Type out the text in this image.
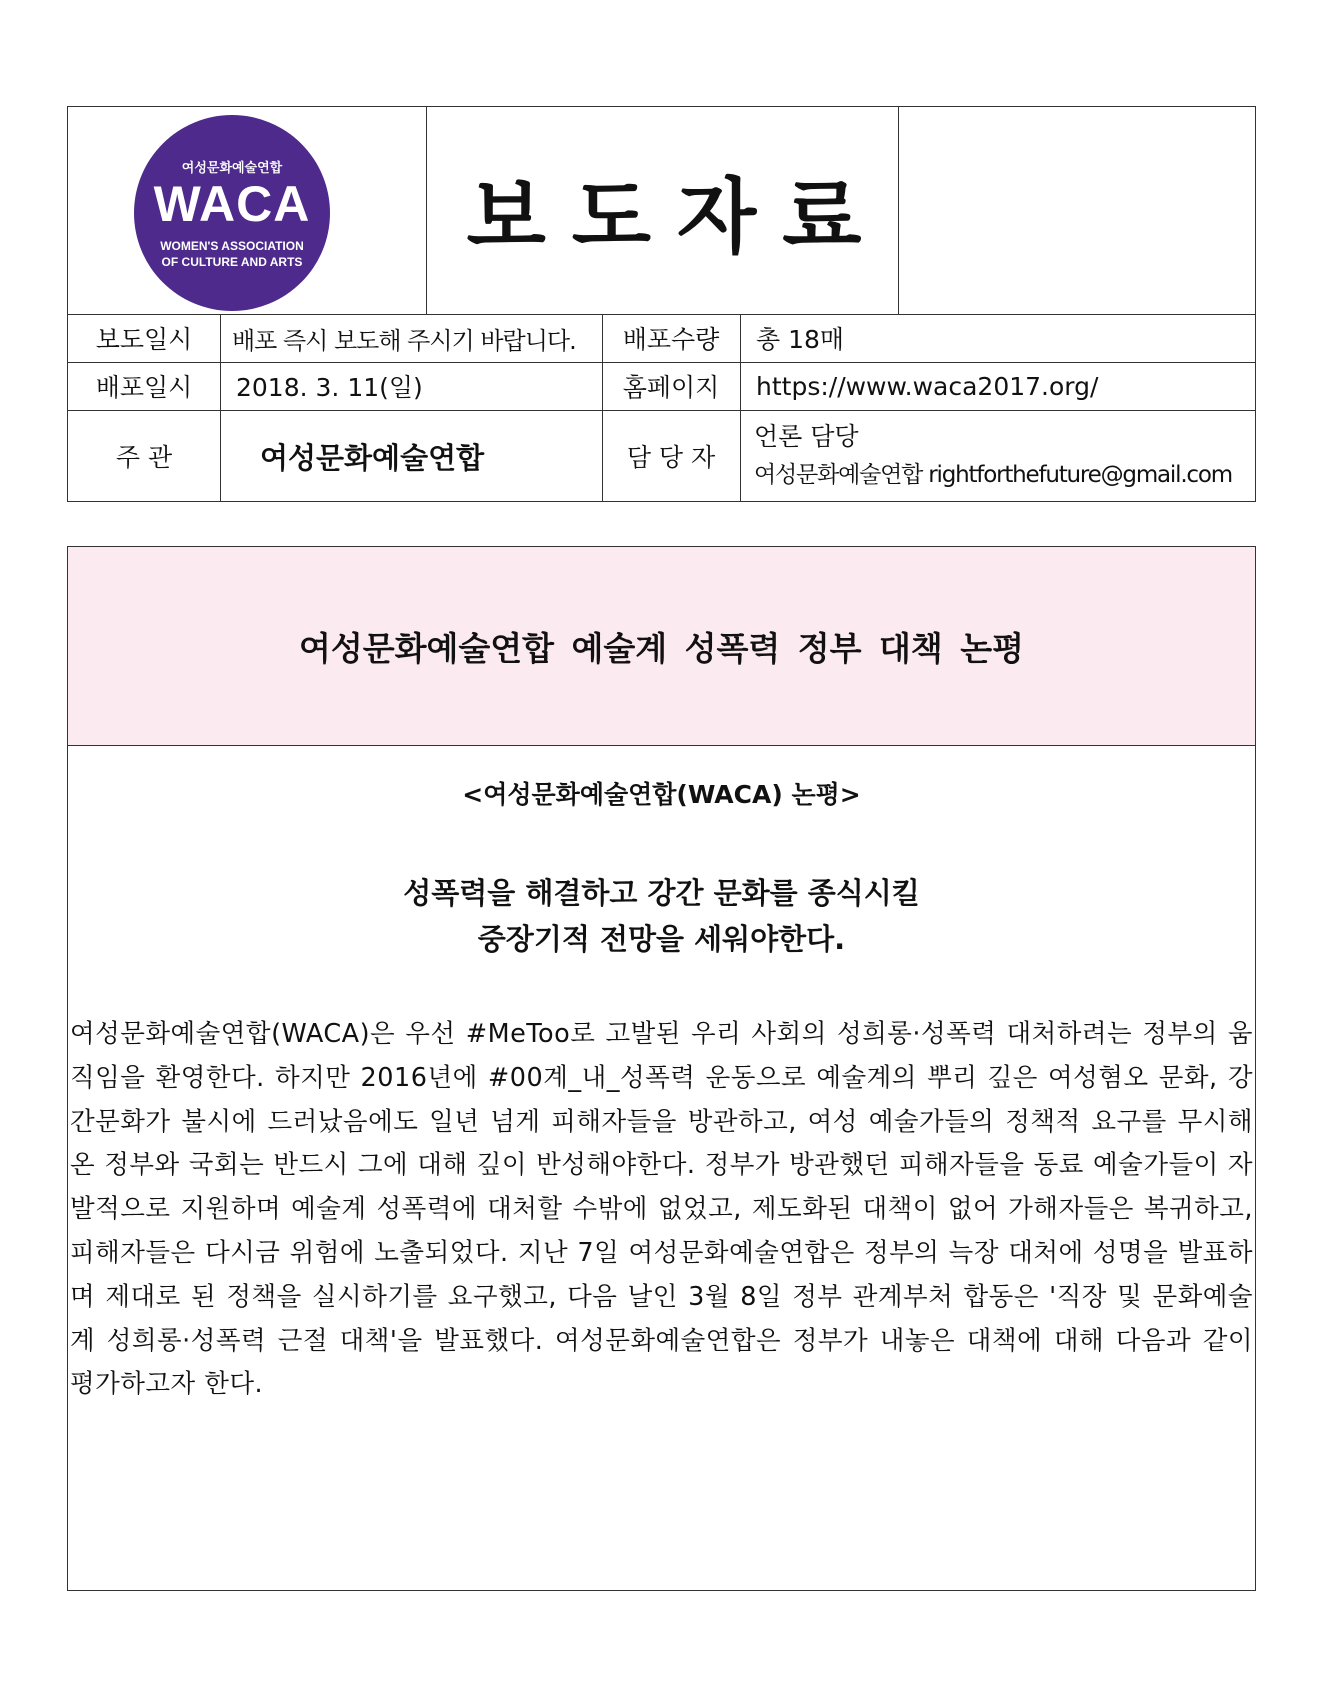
여성문화예술연합
WACA
WOMEN'S ASSOCIATION
OF CULTURE AND ARTS	보도자료
보도일시	배포 즉시 보도해 주시기 바랍니다.	배포수량	총 18매
배포일시	2018. 3. 11(일)	홈페이지	https://www.waca2017.org/
주 관	여성문화예술연합	담 당 자
언론 담당
여성문화예술연합 rightforthefuture@gmail.com
여성문화예술연합 예술계 성폭력 정부 대책 논평
<여성문화예술연합(WACA) 논평>
성폭력을 해결하고 강간 문화를 종식시킬
중장기적 전망을 세워야한다.
여성문화예술연합(WACA)은 우선 #MeToo로 고발된 우리 사회의 성희롱·성폭력 대처하려는 정부의 움직임을 환영한다. 하지만 2016년에 #00계_내_성폭력 운동으로 예술계의 뿌리 깊은 여성혐오 문화, 강간문화가 불시에 드러났음에도 일년 넘게 피해자들을 방관하고, 여성 예술가들의 정책적 요구를 무시해온 정부와 국회는 반드시 그에 대해 깊이 반성해야한다. 정부가 방관했던 피해자들을 동료 예술가들이 자발적으로 지원하며 예술계 성폭력에 대처할 수밖에 없었고, 제도화된 대책이 없어 가해자들은 복귀하고, 피해자들은 다시금 위험에 노출되었다. 지난 7일 여성문화예술연합은 정부의 늑장 대처에 성명을 발표하며 제대로 된 정책을 실시하기를 요구했고, 다음 날인 3월 8일 정부 관계부처 합동은 '직장 및 문화예술계 성희롱·성폭력 근절 대책'을 발표했다. 여성문화예술연합은 정부가 내놓은 대책에 대해 다음과 같이 평가하고자 한다.
